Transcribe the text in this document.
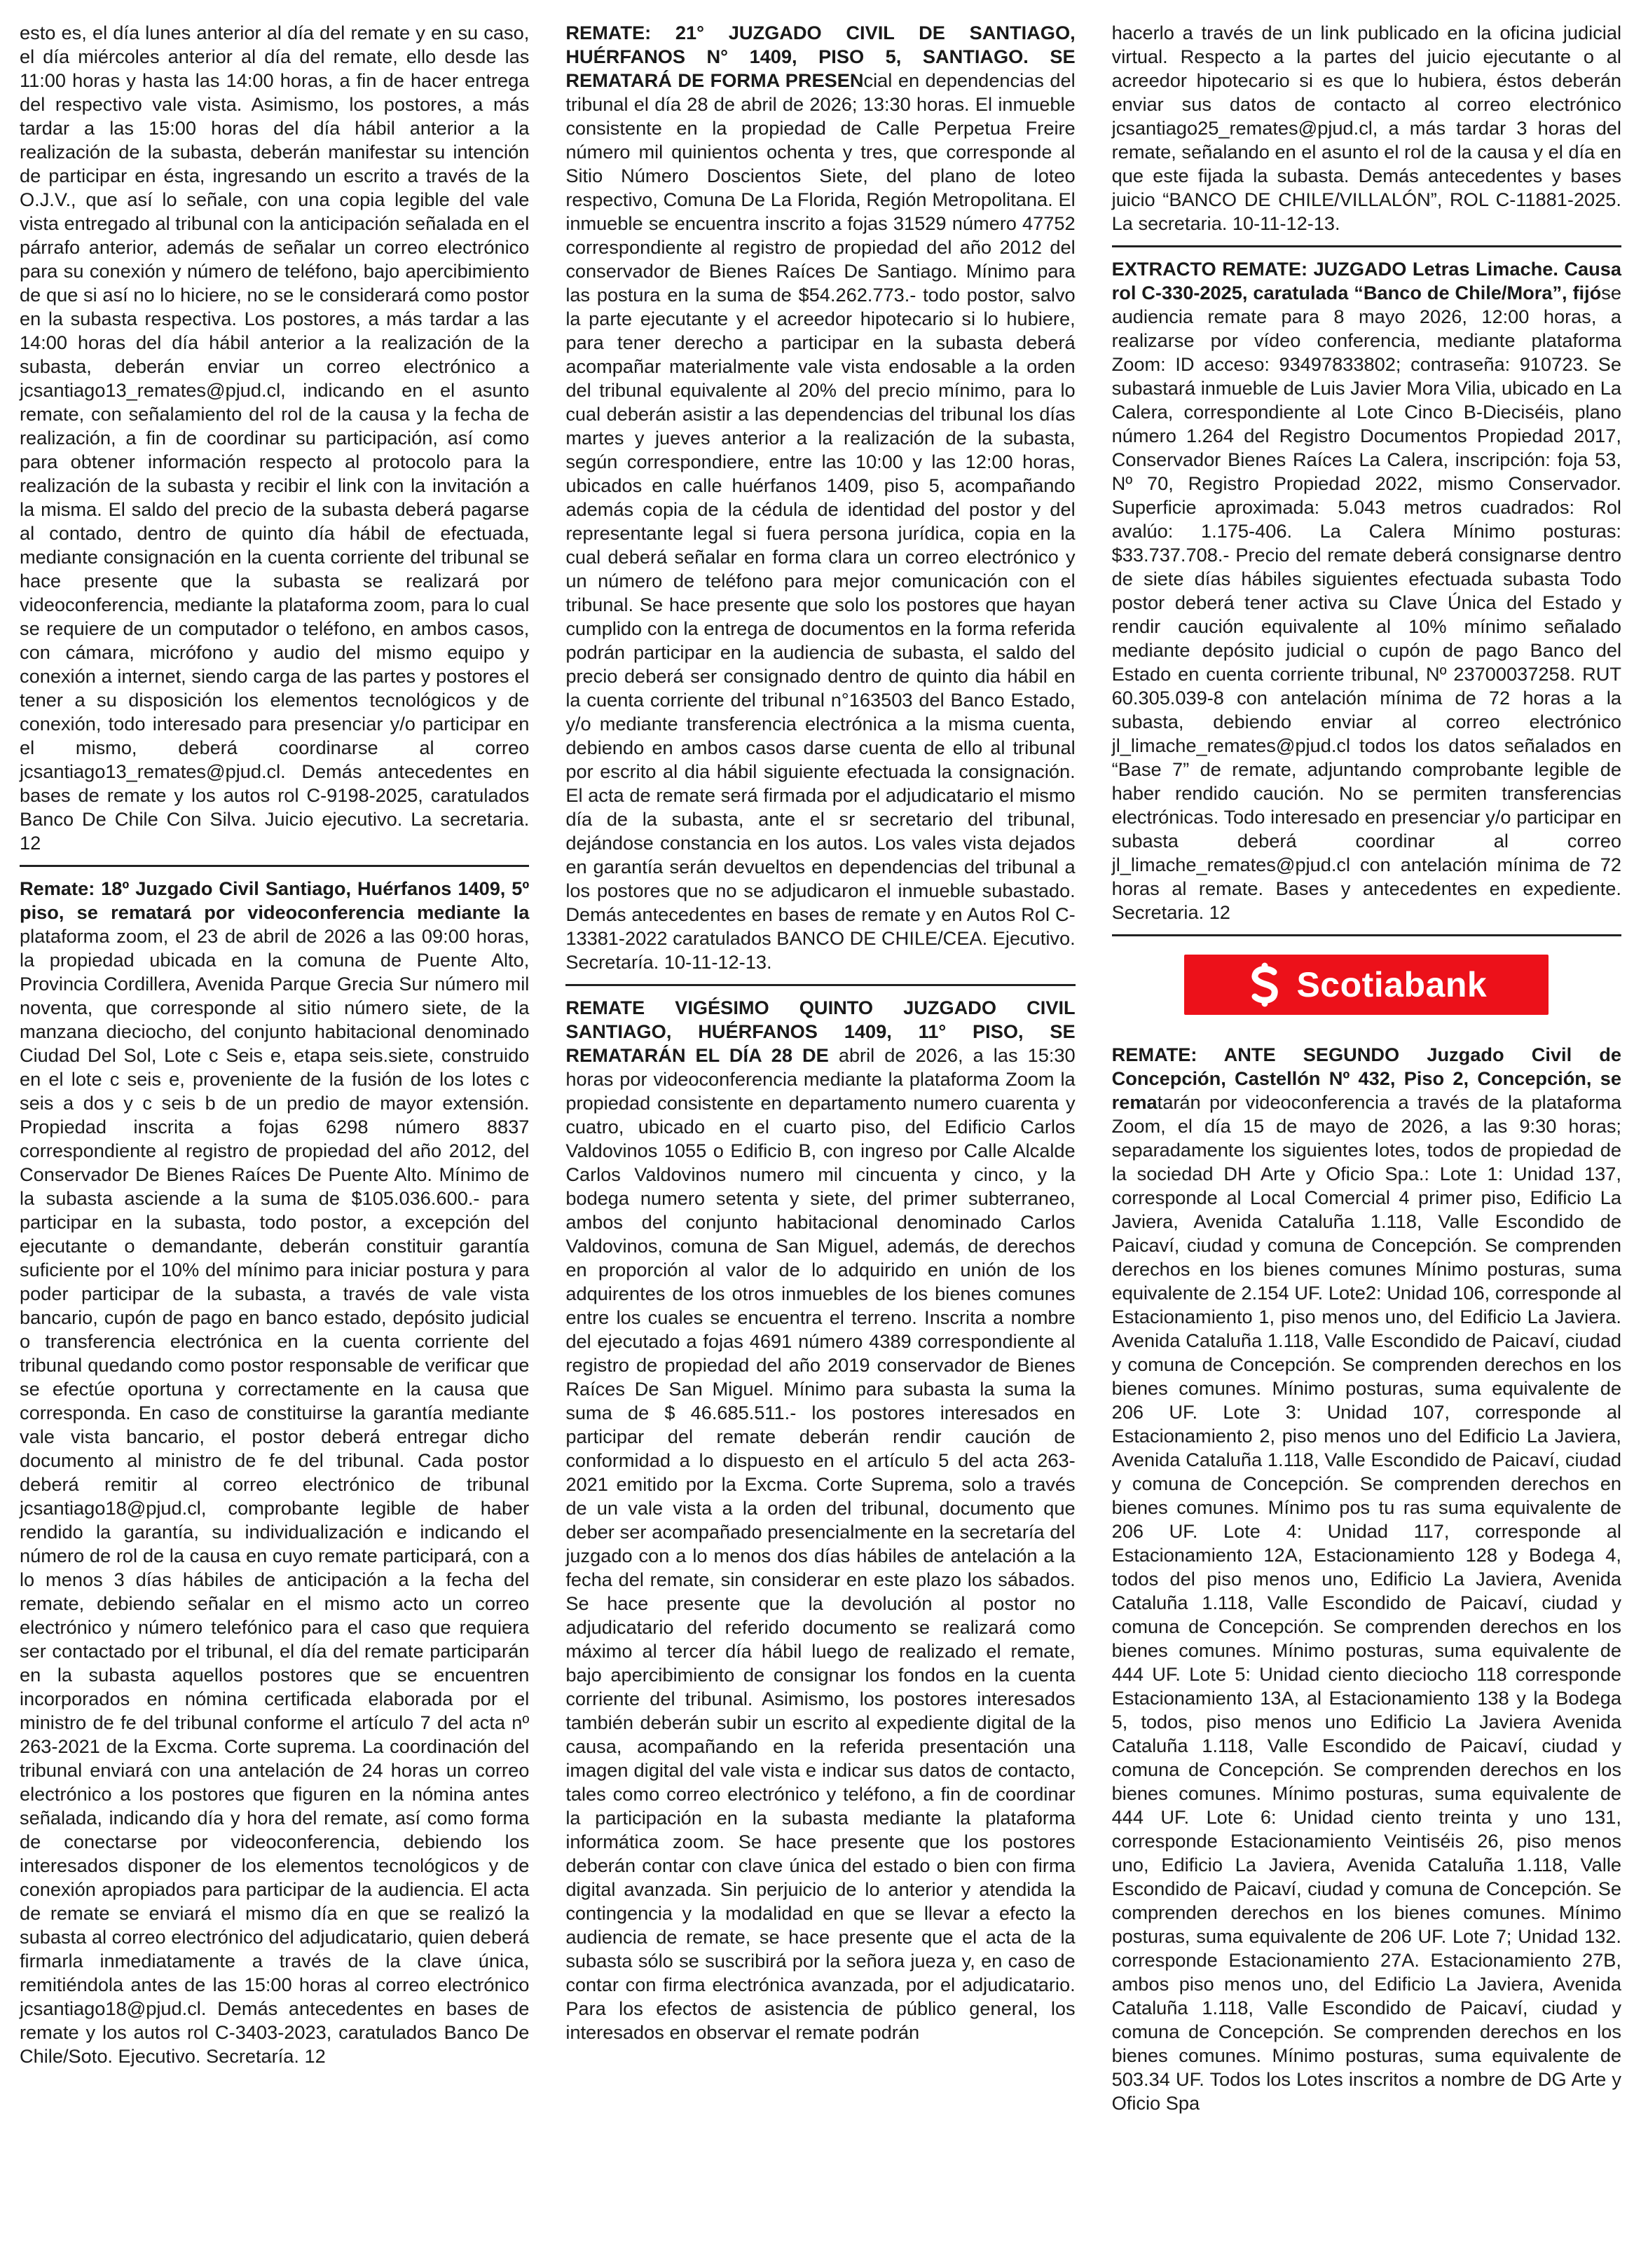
esto es, el día lunes anterior al día del remate y en su caso, el día miércoles anterior al día del remate, ello desde las 11:00 horas y hasta las 14:00 horas, a fin de hacer entrega del respectivo vale vista. Asimismo, los postores, a más tardar a las 15:00 horas del día hábil anterior a la realización de la subasta, deberán manifestar su intención de participar en ésta, ingresando un escrito a través de la O.J.V., que así lo señale, con una copia legible del vale vista entregado al tribunal con la anticipación señalada en el párrafo anterior, además de señalar un correo electrónico para su conexión y número de teléfono, bajo apercibimiento de que si así no lo hiciere, no se le considerará como postor en la subasta respectiva. Los postores, a más tardar a las 14:00 horas del día hábil anterior a la realización de la subasta, deberán enviar un correo electrónico a jcsantiago13_remates@pjud.cl, indicando en el asunto remate, con señalamiento del rol de la causa y la fecha de realización, a fin de coordinar su participación, así como para obtener información respecto al protocolo para la realización de la subasta y recibir el link con la invitación a la misma. El saldo del precio de la subasta deberá pagarse al contado, dentro de quinto día hábil de efectuada, mediante consignación en la cuenta corriente del tribunal se hace presente que la subasta se realizará por videoconferencia, mediante la plataforma zoom, para lo cual se requiere de un computador o teléfono, en ambos casos, con cámara, micrófono y audio del mismo equipo y conexión a internet, siendo carga de las partes y postores el tener a su disposición los elementos tecnológicos y de conexión, todo interesado para presenciar y/o participar en el mismo, deberá coordinarse al correo jcsantiago13_remates@pjud.cl. Demás antecedentes en bases de remate y los autos rol C-9198-2025, caratulados Banco De Chile Con Silva. Juicio ejecutivo. La secretaria. 12

Remate: 18º Juzgado Civil Santiago, Huérfanos 1409, 5º piso, se rematará por videoconferencia mediante la plataforma zoom, el 23 de abril de 2026 a las 09:00 horas, la propiedad ubicada en la comuna de Puente Alto, Provincia Cordillera, Avenida Parque Grecia Sur número mil noventa, que corresponde al sitio número siete, de la manzana dieciocho, del conjunto habitacional denominado Ciudad Del Sol, Lote c Seis e, etapa seis.siete, construido en el lote c seis e, proveniente de la fusión de los lotes c seis a dos y c seis b de un predio de mayor extensión. Propiedad inscrita a fojas 6298 número 8837 correspondiente al registro de propiedad del año 2012, del Conservador De Bienes Raíces De Puente Alto. Mínimo de la subasta asciende a la suma de $105.036.600.- para participar en la subasta, todo postor, a excepción del ejecutante o demandante, deberán constituir garantía suficiente por el 10% del mínimo para iniciar postura y para poder participar de la subasta, a través de vale vista bancario, cupón de pago en banco estado, depósito judicial o transferencia electrónica en la cuenta corriente del tribunal quedando como postor responsable de verificar que se efectúe oportuna y correctamente en la causa que corresponda. En caso de constituirse la garantía mediante vale vista bancario, el postor deberá entregar dicho documento al ministro de fe del tribunal. Cada postor deberá remitir al correo electrónico de tribunal jcsantiago18@pjud.cl, comprobante legible de haber rendido la garantía, su individualización e indicando el número de rol de la causa en cuyo remate participará, con a lo menos 3 días hábiles de anticipación a la fecha del remate, debiendo señalar en el mismo acto un correo electrónico y número telefónico para el caso que requiera ser contactado por el tribunal, el día del remate participarán en la subasta aquellos postores que se encuentren incorporados en nómina certificada elaborada por el ministro de fe del tribunal conforme el artículo 7 del acta nº 263-2021 de la Excma. Corte suprema. La coordinación del tribunal enviará con una antelación de 24 horas un correo electrónico a los postores que figuren en la nómina antes señalada, indicando día y hora del remate, así como forma de conectarse por videoconferencia, debiendo los interesados disponer de los elementos tecnológicos y de conexión apropiados para participar de la audiencia. El acta de remate se enviará el mismo día en que se realizó la subasta al correo electrónico del adjudicatario, quien deberá firmarla inmediatamente a través de la clave única, remitiéndola antes de las 15:00 horas al correo electrónico jcsantiago18@pjud.cl. Demás antecedentes en bases de remate y los autos rol C-3403-2023, caratulados Banco De Chile/Soto. Ejecutivo. Secretaría. 12

REMATE: 21° JUZGADO CIVIL DE SANTIAGO, HUÉRFANOS N° 1409, PISO 5, SANTIAGO. SE REMATARÁ DE FORMA PRESENcial en dependencias del tribunal el día 28 de abril de 2026; 13:30 horas. El inmueble consistente en la propiedad de Calle Perpetua Freire número mil quinientos ochenta y tres, que corresponde al Sitio Número Doscientos Siete, del plano de loteo respectivo, Comuna De La Florida, Región Metropolitana. El inmueble se encuentra inscrito a fojas 31529 número 47752 correspondiente al registro de propiedad del año 2012 del conservador de Bienes Raíces De Santiago. Mínimo para las postura en la suma de $54.262.773.- todo postor, salvo la parte ejecutante y el acreedor hipotecario si lo hubiere, para tener derecho a participar en la subasta deberá acompañar materialmente vale vista endosable a la orden del tribunal equivalente al 20% del precio mínimo, para lo cual deberán asistir a las dependencias del tribunal los días martes y jueves anterior a la realización de la subasta, según correspondiere, entre las 10:00 y las 12:00 horas, ubicados en calle huérfanos 1409, piso 5, acompañando además copia de la cédula de identidad del postor y del representante legal si fuera persona jurídica, copia en la cual deberá señalar en forma clara un correo electrónico y un número de teléfono para mejor comunicación con el tribunal. Se hace presente que solo los postores que hayan cumplido con la entrega de documentos en la forma referida podrán participar en la audiencia de subasta, el saldo del precio deberá ser consignado dentro de quinto dia hábil en la cuenta corriente del tribunal n°163503 del Banco Estado, y/o mediante transferencia electrónica a la misma cuenta, debiendo en ambos casos darse cuenta de ello al tribunal por escrito al dia hábil siguiente efectuada la consignación. El acta de remate será firmada por el adjudicatario el mismo día de la subasta, ante el sr secretario del tribunal, dejándose constancia en los autos. Los vales vista dejados en garantía serán devueltos en dependencias del tribunal a los postores que no se adjudicaron el inmueble subastado. Demás antecedentes en bases de remate y en Autos Rol C-13381-2022 caratulados BANCO DE CHILE/CEA. Ejecutivo. Secretaría. 10-11-12-13.

REMATE VIGÉSIMO QUINTO JUZGADO CIVIL SANTIAGO, HUÉRFANOS 1409, 11° PISO, SE REMATARÁN EL DÍA 28 DE abril de 2026, a las 15:30 horas por videoconferencia mediante la plataforma Zoom la propiedad consistente en departamento numero cuarenta y cuatro, ubicado en el cuarto piso, del Edificio Carlos Valdovinos 1055 o Edificio B, con ingreso por Calle Alcalde Carlos Valdovinos numero mil cincuenta y cinco, y la bodega numero setenta y siete, del primer subterraneo, ambos del conjunto habitacional denominado Carlos Valdovinos, comuna de San Miguel, además, de derechos en proporción al valor de lo adquirido en unión de los adquirentes de los otros inmuebles de los bienes comunes entre los cuales se encuentra el terreno. Inscrita a nombre del ejecutado a fojas 4691 número 4389 correspondiente al registro de propiedad del año 2019 conservador de Bienes Raíces De San Miguel. Mínimo para subasta la suma la suma de $ 46.685.511.- los postores interesados en participar del remate deberán rendir caución de conformidad a lo dispuesto en el artículo 5 del acta 263-2021 emitido por la Excma. Corte Suprema, solo a través de un vale vista a la orden del tribunal, documento que deber ser acompañado presencialmente en la secretaría del juzgado con a lo menos dos días hábiles de antelación a la fecha del remate, sin considerar en este plazo los sábados. Se hace presente que la devolución al postor no adjudicatario del referido documento se realizará como máximo al tercer día hábil luego de realizado el remate, bajo apercibimiento de consignar los fondos en la cuenta corriente del tribunal. Asimismo, los postores interesados también deberán subir un escrito al expediente digital de la causa, acompañando en la referida presentación una imagen digital del vale vista e indicar sus datos de contacto, tales como correo electrónico y teléfono, a fin de coordinar la participación en la subasta mediante la plataforma informática zoom. Se hace presente que los postores deberán contar con clave única del estado o bien con firma digital avanzada. Sin perjuicio de lo anterior y atendida la contingencia y la modalidad en que se llevar a efecto la audiencia de remate, se hace presente que el acta de la subasta sólo se suscribirá por la señora jueza y, en caso de contar con firma electrónica avanzada, por el adjudicatario. Para los efectos de asistencia de público general, los interesados en observar el remate podrán

hacerlo a través de un link publicado en la oficina judicial virtual. Respecto a la partes del juicio ejecutante o al acreedor hipotecario si es que lo hubiera, éstos deberán enviar sus datos de contacto al correo electrónico jcsantiago25_remates@pjud.cl, a más tardar 3 horas del remate, señalando en el asunto el rol de la causa y el día en que este fijada la subasta. Demás antecedentes y bases juicio “BANCO DE CHILE/VILLALÓN”, ROL C-11881-2025. La secretaria. 10-11-12-13.

EXTRACTO REMATE: JUZGADO Letras Limache. Causa rol C-330-2025, caratulada “Banco de Chile/Mora”, fijóse audiencia remate para 8 mayo 2026, 12:00 horas, a realizarse por vídeo conferencia, mediante plataforma Zoom: ID acceso: 93497833802; contraseña: 910723. Se subastará inmueble de Luis Javier Mora Vilia, ubicado en La Calera, correspondiente al Lote Cinco B-Dieciséis, plano número 1.264 del Registro Documentos Propiedad 2017, Conservador Bienes Raíces La Calera, inscripción: foja 53, Nº 70, Registro Propiedad 2022, mismo Conservador. Superficie aproximada: 5.043 metros cuadrados: Rol avalúo: 1.175-406. La Calera Mínimo posturas: $33.737.708.- Precio del remate deberá consignarse dentro de siete días hábiles siguientes efectuada subasta Todo postor deberá tener activa su Clave Única del Estado y rendir caución equivalente al 10% mínimo señalado mediante depósito judicial o cupón de pago Banco del Estado en cuenta corriente tribunal, Nº 23700037258. RUT 60.305.039-8 con antelación mínima de 72 horas a la subasta, debiendo enviar al correo electrónico jl_limache_remates@pjud.cl todos los datos señalados en “Base 7” de remate, adjuntando comprobante legible de haber rendido caución. No se permiten transferencias electrónicas. Todo interesado en presenciar y/o participar en subasta deberá coordinar al correo jl_limache_remates@pjud.cl con antelación mínima de 72 horas al remate. Bases y antecedentes en expediente. Secretaria. 12

Scotiabank

REMATE: ANTE SEGUNDO Juzgado Civil de Concepción, Castellón Nº 432, Piso 2, Concepción, se rematarán por videoconferencia a través de la plataforma Zoom, el día 15 de mayo de 2026, a las 9:30 horas; separadamente los siguientes lotes, todos de propiedad de la sociedad DH Arte y Oficio Spa.: Lote 1: Unidad 137, corresponde al Local Comercial 4 primer piso, Edificio La Javiera, Avenida Cataluña 1.118, Valle Escondido de Paicaví, ciudad y comuna de Concepción. Se comprenden derechos en los bienes comunes Mínimo posturas, suma equivalente de 2.154 UF. Lote2: Unidad 106, corresponde al Estacionamiento 1, piso menos uno, del Edificio La Javiera. Avenida Cataluña 1.118, Valle Escondido de Paicaví, ciudad y comuna de Concepción. Se comprenden derechos en los bienes comunes. Mínimo posturas, suma equivalente de 206 UF. Lote 3: Unidad 107, corresponde al Estacionamiento 2, piso menos uno del Edificio La Javiera, Avenida Cataluña 1.118, Valle Escondido de Paicaví, ciudad y comuna de Concepción. Se comprenden derechos en bienes comunes. Mínimo pos tu ras suma equivalente de 206 UF. Lote 4: Unidad 117, corresponde al Estacionamiento 12A, Estacionamiento 128 y Bodega 4, todos del piso menos uno, Edificio La Javiera, Avenida Cataluña 1.118, Valle Escondido de Paicaví, ciudad y comuna de Concepción. Se comprenden derechos en los bienes comunes. Mínimo posturas, suma equivalente de 444 UF. Lote 5: Unidad ciento dieciocho 118 corresponde Estacionamiento 13A, al Estacionamiento 138 y la Bodega 5, todos, piso menos uno Edificio La Javiera Avenida Cataluña 1.118, Valle Escondido de Paicaví, ciudad y comuna de Concepción. Se comprenden derechos en los bienes comunes. Mínimo posturas, suma equivalente de 444 UF. Lote 6: Unidad ciento treinta y uno 131, corresponde Estacionamiento Veintiséis 26, piso menos uno, Edificio La Javiera, Avenida Cataluña 1.118, Valle Escondido de Paicaví, ciudad y comuna de Concepción. Se comprenden derechos en los bienes comunes. Mínimo posturas, suma equivalente de 206 UF. Lote 7; Unidad 132. corresponde Estacionamiento 27A. Estacionamiento 27B, ambos piso menos uno, del Edificio La Javiera, Avenida Cataluña 1.118, Valle Escondido de Paicaví, ciudad y comuna de Concepción. Se comprenden derechos en los bienes comunes. Mínimo posturas, suma equivalente de 503.34 UF. Todos los Lotes inscritos a nombre de DG Arte y Oficio Spa
